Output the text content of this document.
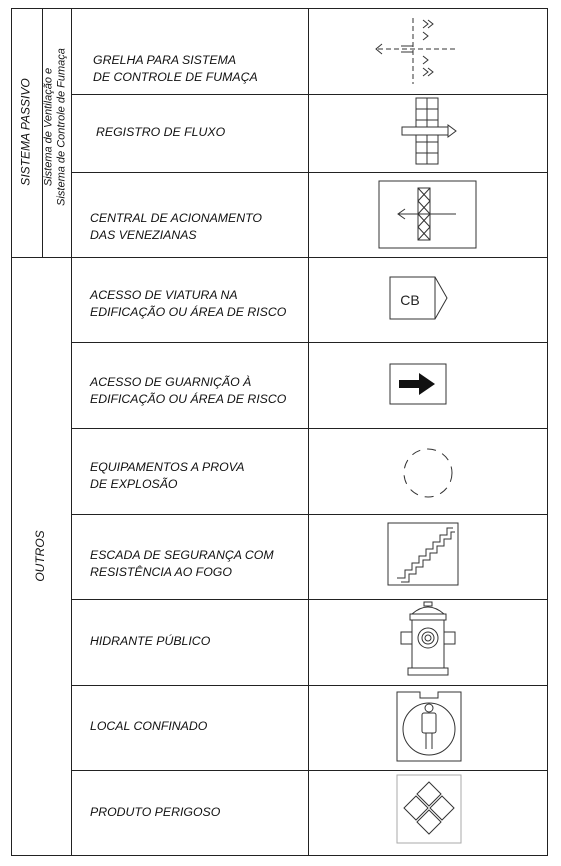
SISTEMA PASSIVO Sistema de Ventilação e Sistema de Controle de Fumaça
OUTROS
GRELHA PARA SISTEMA
DE CONTROLE DE FUMAÇA
REGISTRO DE FLUXO
CENTRAL DE ACIONAMENTO
DAS VENEZIANAS
ACESSO DE VIATURA NA
EDIFICAÇÃO OU ÁREA DE RISCO
ACESSO DE GUARNIÇÃO À
EDIFICAÇÃO OU ÁREA DE RISCO
EQUIPAMENTOS A PROVA
DE EXPLOSÃO
ESCADA DE SEGURANÇA COM
RESISTÊNCIA AO FOGO
HIDRANTE PÚBLICO
LOCAL CONFINADO
PRODUTO PERIGOSO
CB
